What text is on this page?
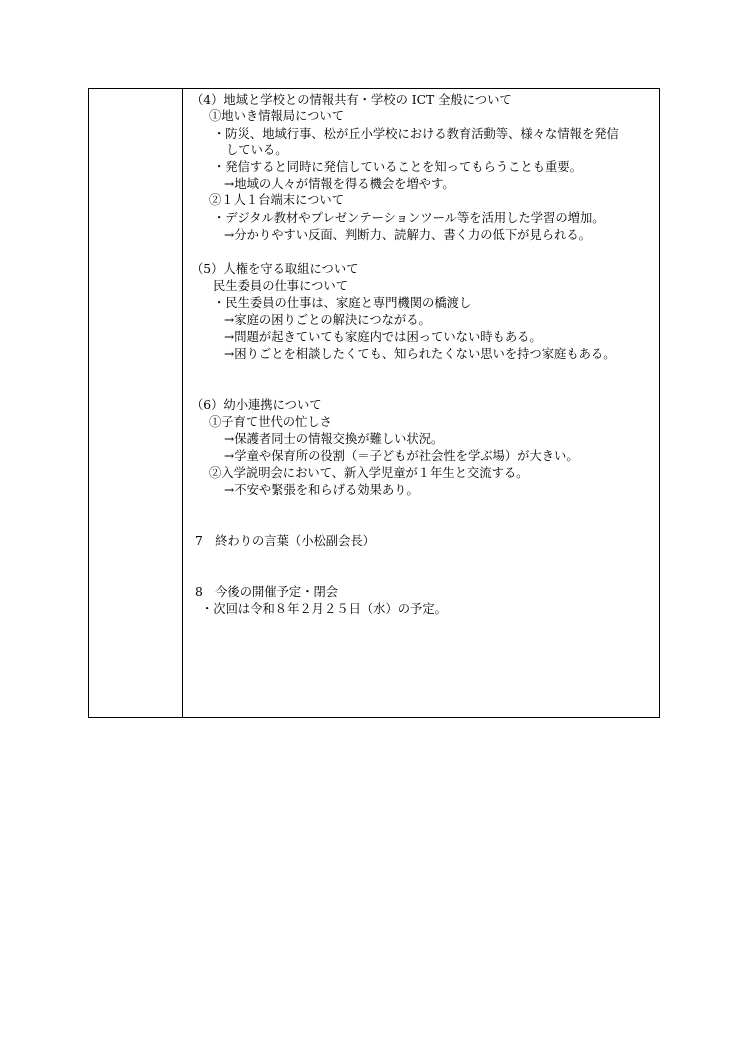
（4）地域と学校との情報共有・学校の ICT 全般について
①地いき情報局について
・防災、地域行事、松が丘小学校における教育活動等、様々な情報を発信
している。
・発信すると同時に発信していることを知ってもらうことも重要。
→地域の人々が情報を得る機会を増やす。
②１人１台端末について
・デジタル教材やプレゼンテーションツール等を活用した学習の増加。
→分かりやすい反面、判断力、読解力、書く力の低下が見られる。
（5）人権を守る取組について
民生委員の仕事について
・民生委員の仕事は、家庭と専門機関の橋渡し
→家庭の困りごとの解決につながる。
→問題が起きていても家庭内では困っていない時もある。
→困りごとを相談したくても、知られたくない思いを持つ家庭もある。
（6）幼小連携について
①子育て世代の忙しさ
→保護者同士の情報交換が難しい状況。
→学童や保育所の役割（＝子どもが社会性を学ぶ場）が大きい。
②入学説明会において、新入学児童が１年生と交流する。
→不安や緊張を和らげる効果あり。
7　終わりの言葉（小松副会長）
8　今後の開催予定・閉会
・次回は令和８年２月２５日（水）の予定。
